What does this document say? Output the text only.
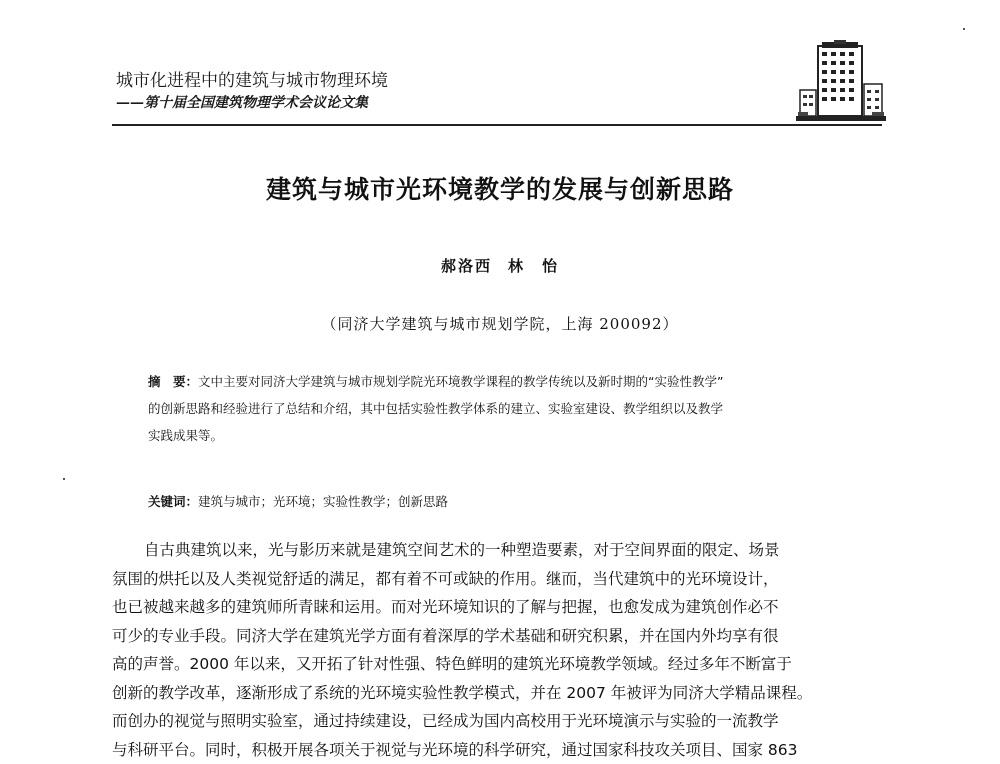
城市化进程中的建筑与城市物理环境
——第十届全国建筑物理学术会议论文集
建筑与城市光环境教学的发展与创新思路
郝洛西 林　怡
（同济大学建筑与城市规划学院，上海 200092）
摘　要：文中主要对同济大学建筑与城市规划学院光环境教学课程的教学传统以及新时期的“实验性教学”
的创新思路和经验进行了总结和介绍，其中包括实验性教学体系的建立、实验室建设、教学组织以及教学
实践成果等。
关键词：建筑与城市；光环境；实验性教学；创新思路
自古典建筑以来，光与影历来就是建筑空间艺术的一种塑造要素，对于空间界面的限定、场景
氛围的烘托以及人类视觉舒适的满足，都有着不可或缺的作用。继而，当代建筑中的光环境设计，
也已被越来越多的建筑师所青睐和运用。而对光环境知识的了解与把握，也愈发成为建筑创作必不
可少的专业手段。同济大学在建筑光学方面有着深厚的学术基础和研究积累，并在国内外均享有很
高的声誉。2000 年以来，又开拓了针对性强、特色鲜明的建筑光环境教学领域。经过多年不断富于
创新的教学改革，逐渐形成了系统的光环境实验性教学模式，并在 2007 年被评为同济大学精品课程。
而创办的视觉与照明实验室，通过持续建设，已经成为国内高校用于光环境演示与实验的一流教学
与科研平台。同时，积极开展各项关于视觉与光环境的科学研究，通过国家科技攻关项目、国家 863
